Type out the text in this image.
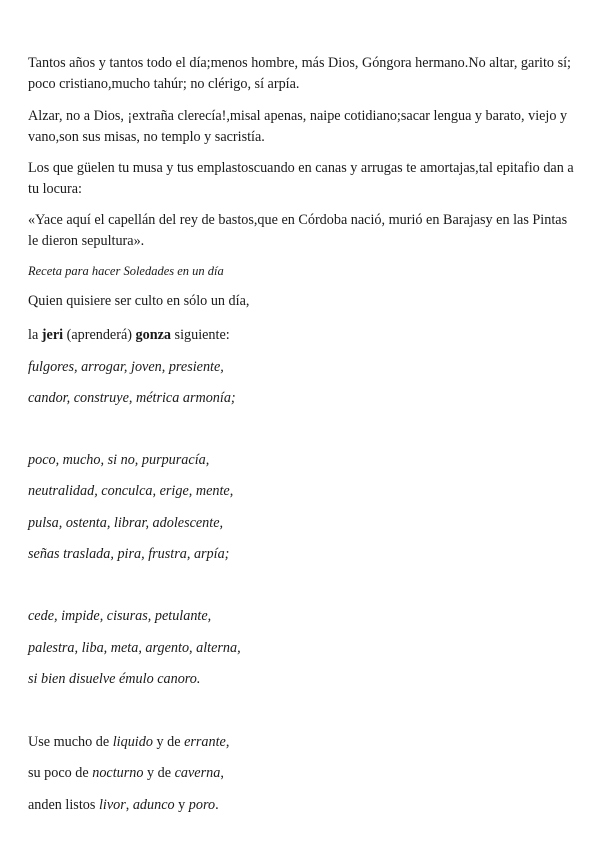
Tantos años y tantos todo el día;menos hombre, más Dios, Góngora hermano.No altar, garito sí; poco cristiano,mucho tahúr; no clérigo, sí arpía.

Alzar, no a Dios, ¡extraña clerecía!,misal apenas, naipe cotidiano;sacar lengua y barato, viejo y vano,son sus misas, no templo y sacristía.

Los que güelen tu musa y tus emplastoscuando en canas y arrugas te amortajas,tal epitafio dan a tu locura:

«Yace aquí el capellán del rey de bastos,que en Córdoba nació, murió en Barajasy en las Pintas le dieron sepultura».

Receta para hacer Soledades en un día

Quien quisiere ser culto en sólo un día,

la jeri (aprenderá) gonza siguiente:

fulgores, arrogar, joven, presiente,

candor, construye, métrica armonía;

poco, mucho, si no, purpuracía,

neutralidad, conculca, erige, mente,

pulsa, ostenta, librar, adolescente,

señas traslada, pira, frustra, arpía;

cede, impide, cisuras, petulante,

palestra, liba, meta, argento, alterna,

si bien disuelve émulo canoro.

Use mucho de liquido y de errante,

su poco de nocturno y de caverna,

anden listos livor, adunco y poro.
